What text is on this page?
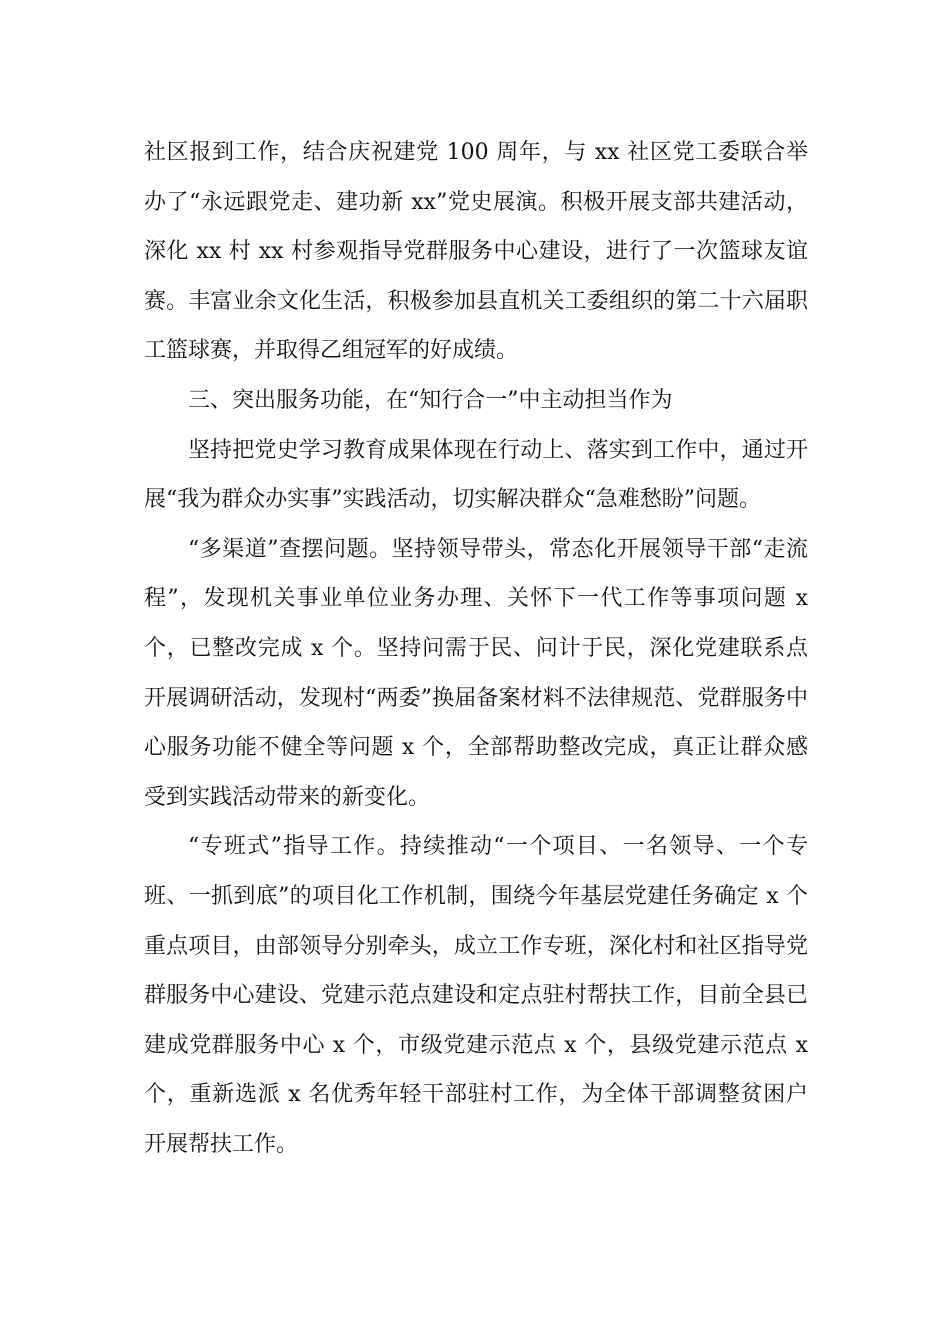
社区报到工作，结合庆祝建党 100 周年，与 xx 社区党工委联合举办了“永远跟党走、建功新 xx”党史展演。积极开展支部共建活动，深化 xx 村 xx 村参观指导党群服务中心建设，进行了一次篮球友谊赛。丰富业余文化生活，积极参加县直机关工委组织的第二十六届职工篮球赛，并取得乙组冠军的好成绩。

三、突出服务功能，在“知行合一”中主动担当作为

坚持把党史学习教育成果体现在行动上、落实到工作中，通过开展“我为群众办实事”实践活动，切实解决群众“急难愁盼”问题。

“多渠道”查摆问题。坚持领导带头，常态化开展领导干部“走流程”，发现机关事业单位业务办理、关怀下一代工作等事项问题 x 个，已整改完成 x 个。坚持问需于民、问计于民，深化党建联系点开展调研活动，发现村“两委”换届备案材料不法律规范、党群服务中心服务功能不健全等问题 x 个，全部帮助整改完成，真正让群众感受到实践活动带来的新变化。

“专班式”指导工作。持续推动“一个项目、一名领导、一个专班、一抓到底”的项目化工作机制，围绕今年基层党建任务确定 x 个重点项目，由部领导分别牵头，成立工作专班，深化村和社区指导党群服务中心建设、党建示范点建设和定点驻村帮扶工作，目前全县已建成党群服务中心 x 个，市级党建示范点 x 个，县级党建示范点 x 个，重新选派 x 名优秀年轻干部驻村工作，为全体干部调整贫困户开展帮扶工作。
